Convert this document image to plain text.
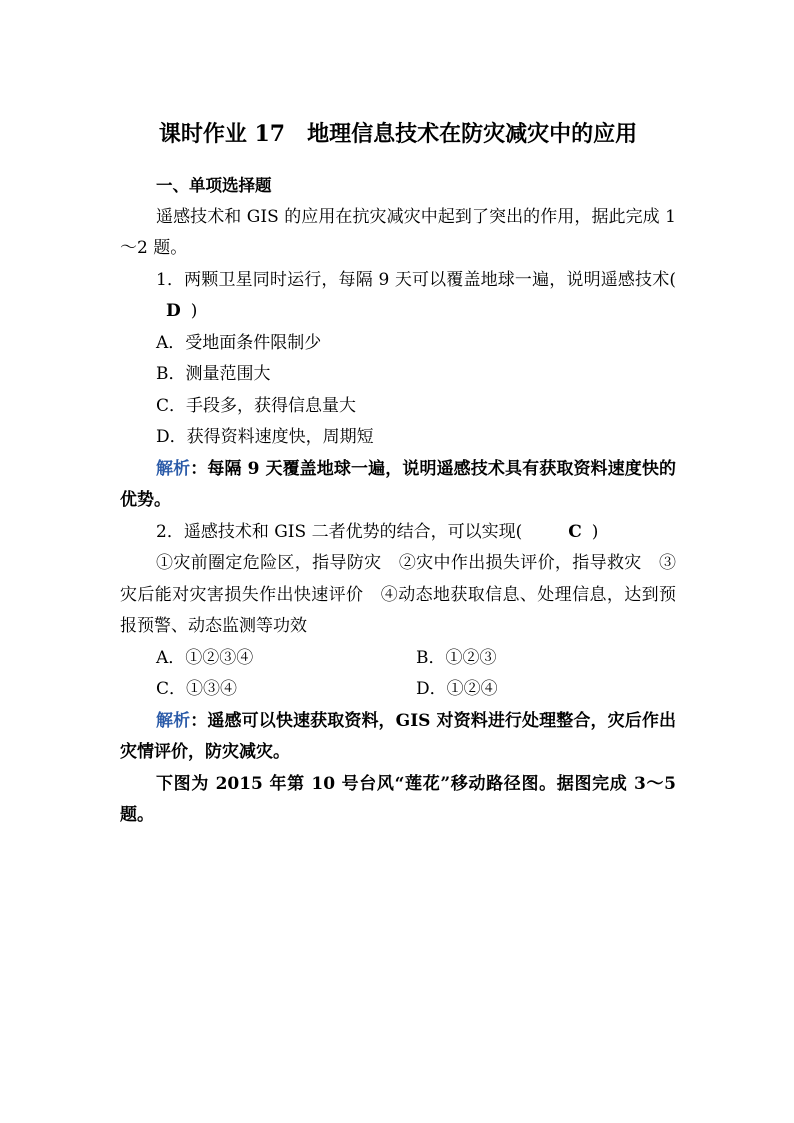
课时作业 17 地理信息技术在防灾减灾中的应用
一、单项选择题

遥感技术和 GIS 的应用在抗灾减灾中起到了突出的作用，据此完成 1～2 题。

1．两颗卫星同时运行，每隔 9 天可以覆盖地球一遍，说明遥感技术(D )

A．受地面条件限制少

B．测量范围大

C．手段多，获得信息量大

D．获得资料速度快，周期短

解析：每隔 9 天覆盖地球一遍，说明遥感技术具有获取资料速度快的优势。

2．遥感技术和 GIS 二者优势的结合，可以实现(	C )

①灾前圈定危险区，指导防灾　②灾中作出损失评价，指导救灾　③灾后能对灾害损失作出快速评价　④动态地获取信息、处理信息，达到预报预警、动态监测等功效

A．①②③④	B．①②③
C．①③④	D．①②④

解析：遥感可以快速获取资料，GIS 对资料进行处理整合，灾后作出灾情评价，防灾减灾。

下图为 2015 年第 10 号台风“莲花”移动路径图。据图完成 3～5 题。
